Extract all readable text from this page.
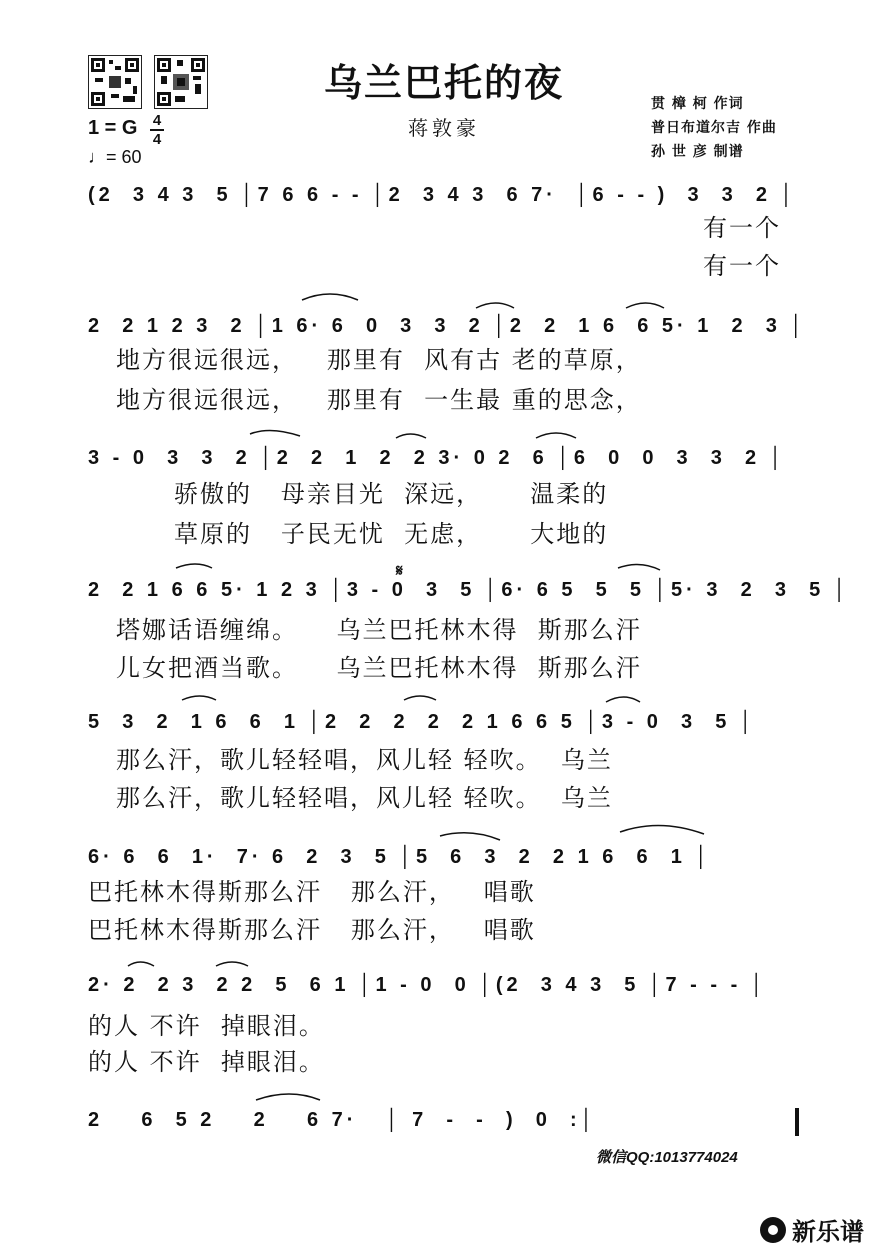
乌兰巴托的夜
蒋敦豪
贯 樟 柯 作词
普日布道尔吉 作曲
孙 世 彦 制谱
1 = G 4
4
♩= 60
(2  3 4 3  5 │7 6 6 - - │2  3 4 3  6 7·  │6 - - )  3  3  2 │
有一个
有一个
2  2 1 2 3  2 │1 6· 6  0  3  3  2 │2  2  1 6  6 5· 1  2  3 │
地方很远很远，   那里有  风有古 老的草原，
地方很远很远，   那里有  一生最 重的思念，
3 - 0  3  3  2 │2  2  1  2  2 3· 0 2  6 │6  0  0  3  3  2 │
骄傲的   母亲目光  深远，     温柔的
草原的   子民无忧  无虑，     大地的
𝄋
2  2 1 6 6 5· 1 2 3 │3 - 0  3  5 │6· 6 5  5  5 │5· 3  2  3  5 │
塔娜话语缠绵。    乌兰巴托林木得  斯那么汗
儿女把酒当歌。    乌兰巴托林木得  斯那么汗
5  3  2  1 6  6  1 │2  2  2  2  2 1 6 6 5 │3 - 0  3  5 │
那么汗，歌儿轻轻唱，风儿轻 轻吹。  乌兰
那么汗，歌儿轻轻唱，风儿轻 轻吹。  乌兰
6· 6  6  1·  7· 6  2  3  5 │5  6  3  2  2 1 6  6  1 │
巴托林木得斯那么汗   那么汗，   唱歌
巴托林木得斯那么汗   那么汗，   唱歌
2· 2  2 3  2 2  5  6 1 │1 - 0  0 │(2  3 4 3  5 │7 - - - │
的人 不许  掉眼泪。
的人 不许  掉眼泪。
2    6  5 2    2    6 7·   │ 7  -  -  )  0  :│
微信QQ:1013774024
新乐谱
